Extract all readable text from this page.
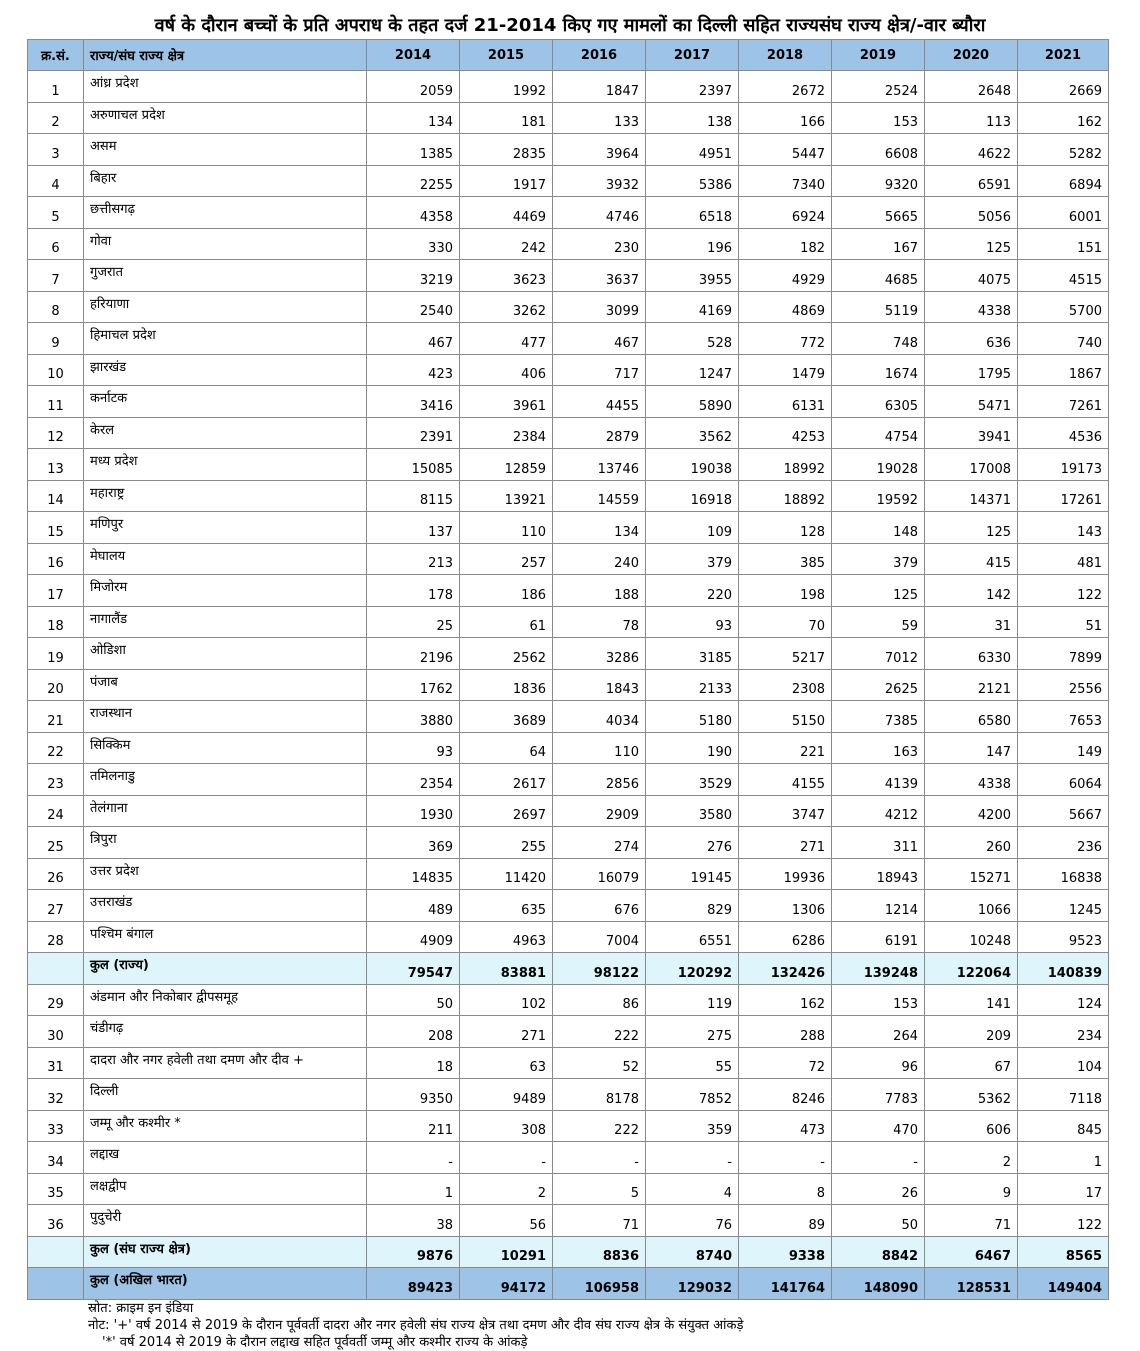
वर्ष के दौरान बच्चों के प्रति अपराध के तहत दर्ज 21-2014 किए गए मामलों का दिल्ली सहित राज्यसंघ राज्य क्षेत्र/-वार ब्यौरा
क्र.सं.	राज्य/संघ राज्य क्षेत्र	2014	2015	2016	2017	2018	2019	2020	2021
1	आंध्र प्रदेश	2059	1992	1847	2397	2672	2524	2648	2669
2	अरुणाचल प्रदेश	134	181	133	138	166	153	113	162
3	असम	1385	2835	3964	4951	5447	6608	4622	5282
4	बिहार	2255	1917	3932	5386	7340	9320	6591	6894
5	छत्तीसगढ़	4358	4469	4746	6518	6924	5665	5056	6001
6	गोवा	330	242	230	196	182	167	125	151
7	गुजरात	3219	3623	3637	3955	4929	4685	4075	4515
8	हरियाणा	2540	3262	3099	4169	4869	5119	4338	5700
9	हिमाचल प्रदेश	467	477	467	528	772	748	636	740
10	झारखंड	423	406	717	1247	1479	1674	1795	1867
11	कर्नाटक	3416	3961	4455	5890	6131	6305	5471	7261
12	केरल	2391	2384	2879	3562	4253	4754	3941	4536
13	मध्य प्रदेश	15085	12859	13746	19038	18992	19028	17008	19173
14	महाराष्ट्र	8115	13921	14559	16918	18892	19592	14371	17261
15	मणिपुर	137	110	134	109	128	148	125	143
16	मेघालय	213	257	240	379	385	379	415	481
17	मिजोरम	178	186	188	220	198	125	142	122
18	नागालैंड	25	61	78	93	70	59	31	51
19	ओडिशा	2196	2562	3286	3185	5217	7012	6330	7899
20	पंजाब	1762	1836	1843	2133	2308	2625	2121	2556
21	राजस्थान	3880	3689	4034	5180	5150	7385	6580	7653
22	सिक्किम	93	64	110	190	221	163	147	149
23	तमिलनाडु	2354	2617	2856	3529	4155	4139	4338	6064
24	तेलंगाना	1930	2697	2909	3580	3747	4212	4200	5667
25	त्रिपुरा	369	255	274	276	271	311	260	236
26	उत्तर प्रदेश	14835	11420	16079	19145	19936	18943	15271	16838
27	उत्तराखंड	489	635	676	829	1306	1214	1066	1245
28	पश्चिम बंगाल	4909	4963	7004	6551	6286	6191	10248	9523
	कुल (राज्य)	79547	83881	98122	120292	132426	139248	122064	140839
29	अंडमान और निकोबार द्वीपसमूह	50	102	86	119	162	153	141	124
30	चंडीगढ़	208	271	222	275	288	264	209	234
31	दादरा और नगर हवेली तथा दमण और दीव +	18	63	52	55	72	96	67	104
32	दिल्ली	9350	9489	8178	7852	8246	7783	5362	7118
33	जम्मू और कश्मीर *	211	308	222	359	473	470	606	845
34	लद्दाख	-	-	-	-	-	-	2	1
35	लक्षद्वीप	1	2	5	4	8	26	9	17
36	पुदुचेरी	38	56	71	76	89	50	71	122
	कुल (संघ राज्य क्षेत्र)	9876	10291	8836	8740	9338	8842	6467	8565
	कुल (अखिल भारत)	89423	94172	106958	129032	141764	148090	128531	149404
स्रोत: क्राइम इन इंडिया
नोट: '+' वर्ष 2014 से 2019 के दौरान पूर्ववर्ती दादरा और नगर हवेली संघ राज्य क्षेत्र तथा दमण और दीव संघ राज्य क्षेत्र के संयुक्त आंकड़े
'*' वर्ष 2014 से 2019 के दौरान लद्दाख सहित पूर्ववर्ती जम्मू और कश्मीर राज्य के आंकड़े
